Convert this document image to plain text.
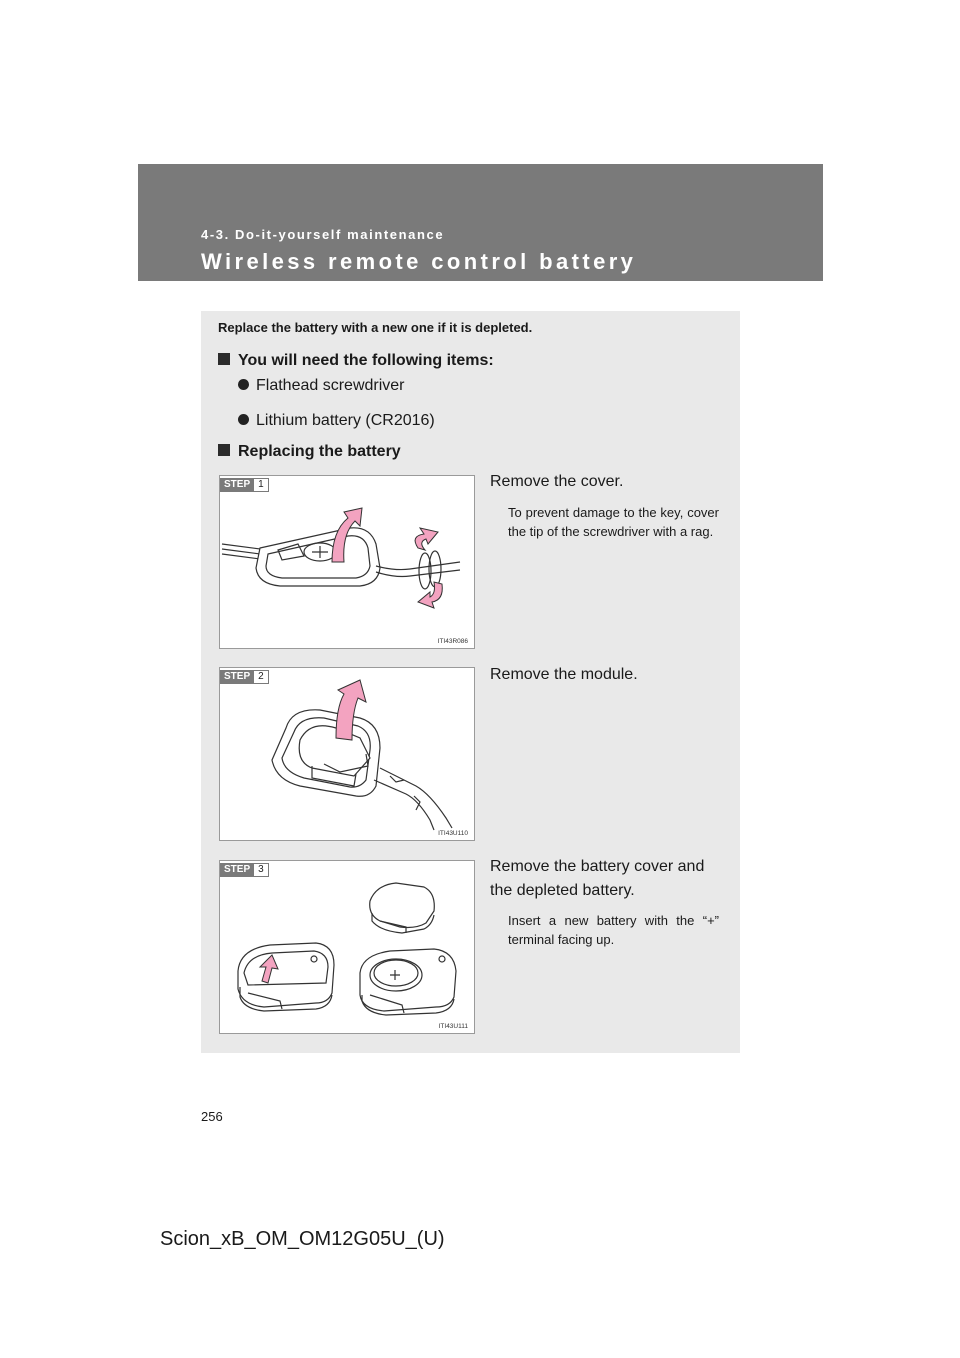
4-3. Do-it-yourself maintenance
Wireless remote control battery
Replace the battery with a new one if it is depleted.
You will need the following items:
Flathead screwdriver
Lithium battery (CR2016)
Replacing the battery
STEP 1
ITI43R086
Remove the cover.
To prevent damage to the key, cover the tip of the screwdriver with a rag.
STEP 2
ITI43U110
Remove the module.
STEP 3
ITI43U111
Remove the battery cover and the depleted battery.
Insert a new battery with the “+” terminal facing up.
256
Scion_xB_OM_OM12G05U_(U)
